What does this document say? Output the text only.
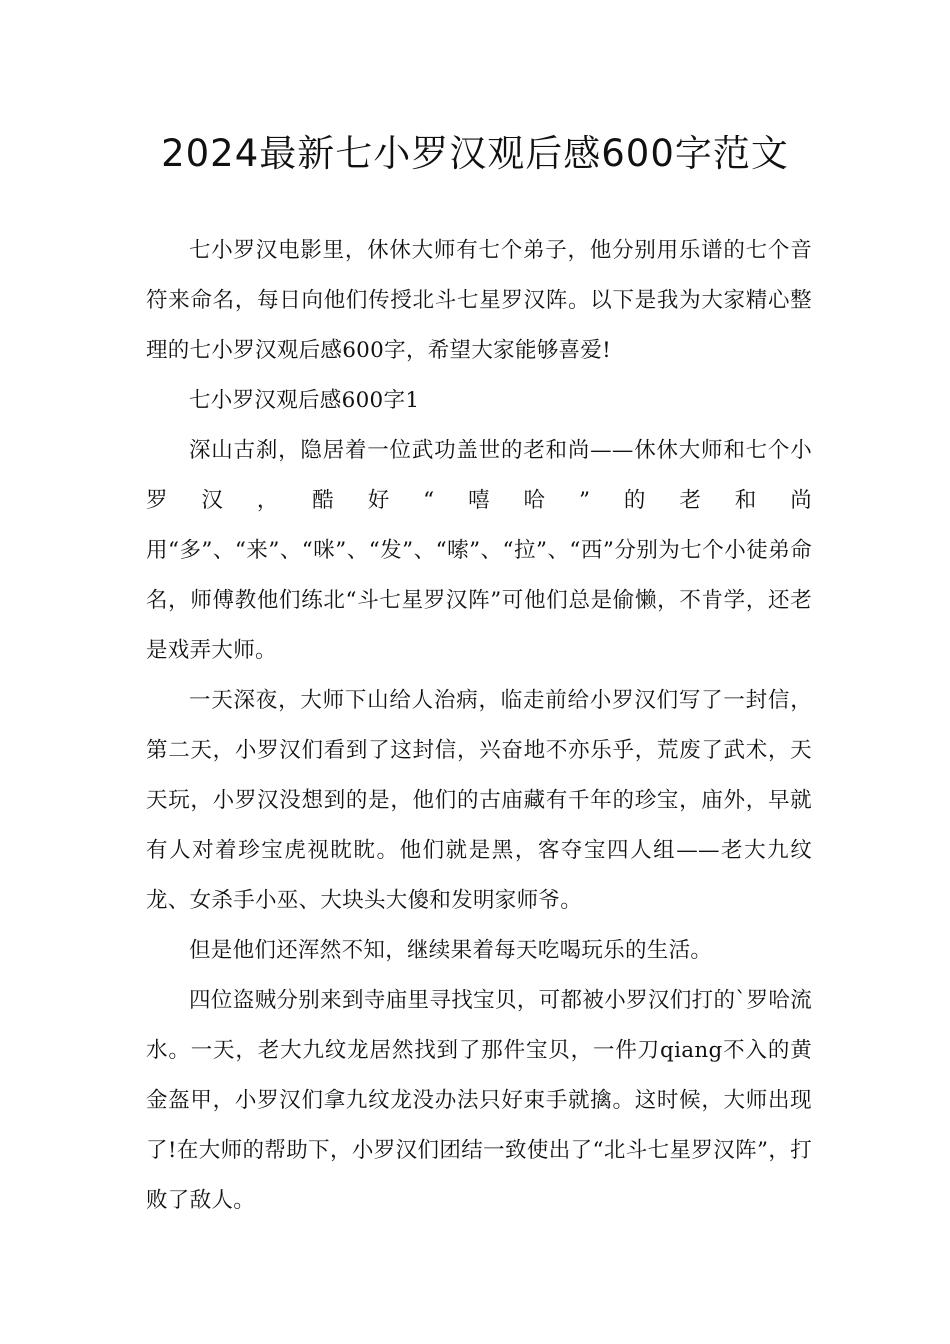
2024最新七小罗汉观后感600字范文

七小罗汉电影里，休休大师有七个弟子，他分别用乐谱的七个音符来命名，每日向他们传授北斗七星罗汉阵。以下是我为大家精心整理的七小罗汉观后感600字，希望大家能够喜爱!

七小罗汉观后感600字1

深山古刹，隐居着一位武功盖世的老和尚——休休大师和七个小罗汉，酷好“嘻哈”的老和尚用“多”、“来”、“咪”、“发”、“嗦”、“拉”、“西”分别为七个小徒弟命名，师傅教他们练北“斗七星罗汉阵”可他们总是偷懒，不肯学，还老是戏弄大师。

一天深夜，大师下山给人治病，临走前给小罗汉们写了一封信，第二天，小罗汉们看到了这封信，兴奋地不亦乐乎，荒废了武术，天天玩，小罗汉没想到的是，他们的古庙藏有千年的珍宝，庙外，早就有人对着珍宝虎视眈眈。他们就是黑，客夺宝四人组——老大九纹龙、女杀手小巫、大块头大傻和发明家师爷。

但是他们还浑然不知，继续果着每天吃喝玩乐的生活。

四位盗贼分别来到寺庙里寻找宝贝，可都被小罗汉们打的`罗哈流水。一天，老大九纹龙居然找到了那件宝贝，一件刀qiang不入的黄金盔甲，小罗汉们拿九纹龙没办法只好束手就擒。这时候，大师出现了!在大师的帮助下，小罗汉们团结一致使出了“北斗七星罗汉阵”，打败了敌人。
